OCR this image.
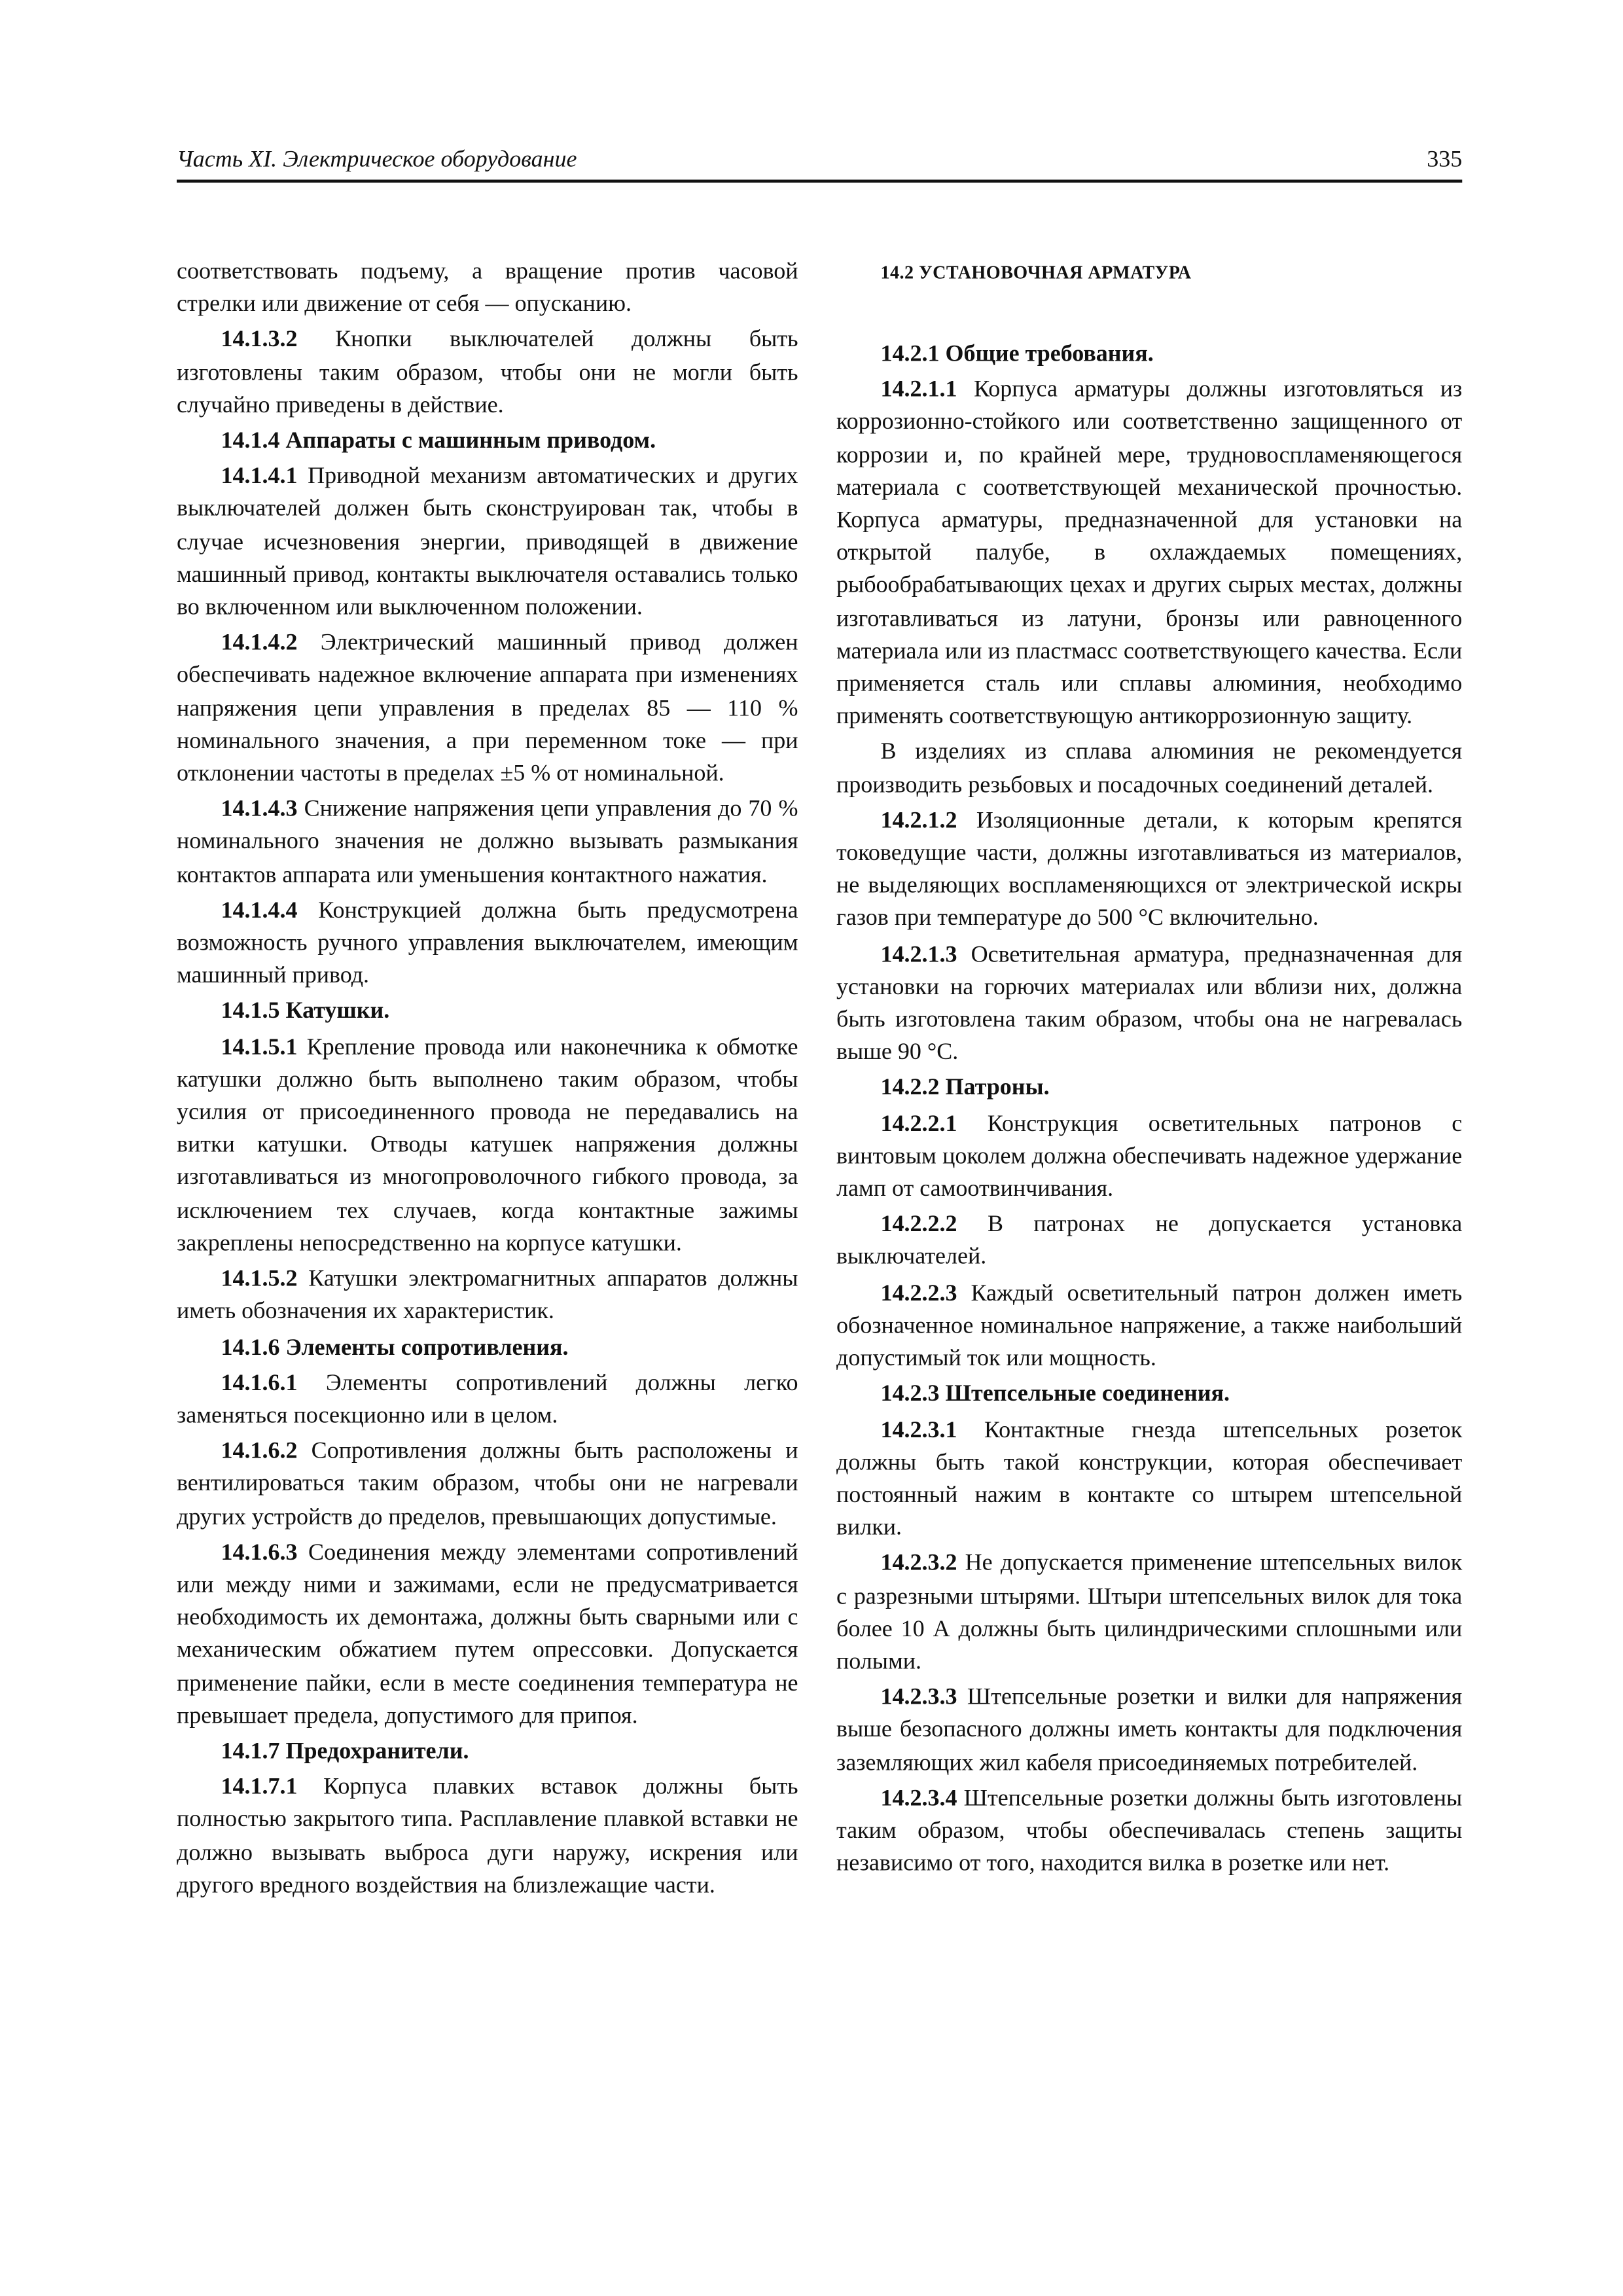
Часть XI. Электрическое оборудование	335

соответствовать подъему, а вращение против часовой стрелки или движение от себя — опусканию.

14.1.3.2 Кнопки выключателей должны быть изготовлены таким образом, чтобы они не могли быть случайно приведены в действие.

14.1.4 Аппараты с машинным приводом.

14.1.4.1 Приводной механизм автоматических и других выключателей должен быть сконструирован так, чтобы в случае исчезновения энергии, приводящей в движение машинный привод, контакты выключателя оставались только во включенном или выключенном положении.

14.1.4.2 Электрический машинный привод должен обеспечивать надежное включение аппарата при изменениях напряжения цепи управления в пределах 85 — 110 % номинального значения, а при переменном токе — при отклонении частоты в пределах ±5 % от номинальной.

14.1.4.3 Снижение напряжения цепи управления до 70 % номинального значения не должно вызывать размыкания контактов аппарата или уменьшения контактного нажатия.

14.1.4.4 Конструкцией должна быть предусмотрена возможность ручного управления выключателем, имеющим машинный привод.

14.1.5 Катушки.

14.1.5.1 Крепление провода или наконечника к обмотке катушки должно быть выполнено таким образом, чтобы усилия от присоединенного провода не передавались на витки катушки. Отводы катушек напряжения должны изготавливаться из многопроволочного гибкого провода, за исключением тех случаев, когда контактные зажимы закреплены непосредственно на корпусе катушки.

14.1.5.2 Катушки электромагнитных аппаратов должны иметь обозначения их характеристик.

14.1.6 Элементы сопротивления.

14.1.6.1 Элементы сопротивлений должны легко заменяться посекционно или в целом.

14.1.6.2 Сопротивления должны быть расположены и вентилироваться таким образом, чтобы они не нагревали других устройств до пределов, превышающих допустимые.

14.1.6.3 Соединения между элементами сопротивлений или между ними и зажимами, если не предусматривается необходимость их демонтажа, должны быть сварными или с механическим обжатием путем опрессовки. Допускается применение пайки, если в месте соединения температура не превышает предела, допустимого для припоя.

14.1.7 Предохранители.

14.1.7.1 Корпуса плавких вставок должны быть полностью закрытого типа. Расплавление плавкой вставки не должно вызывать выброса дуги наружу, искрения или другого вредного воздействия на близлежащие части.

14.2 УСТАНОВОЧНАЯ АРМАТУРА

14.2.1 Общие требования.

14.2.1.1 Корпуса арматуры должны изготовляться из коррозионно-стойкого или соответственно защищенного от коррозии и, по крайней мере, трудновоспламеняющегося материала с соответствующей механической прочностью. Корпуса арматуры, предназначенной для установки на открытой палубе, в охлаждаемых помещениях, рыбообрабатывающих цехах и других сырых местах, должны изготавливаться из латуни, бронзы или равноценного материала или из пластмасс соответствующего качества. Если применяется сталь или сплавы алюминия, необходимо применять соответствующую антикоррозионную защиту.

В изделиях из сплава алюминия не рекомендуется производить резьбовых и посадочных соединений деталей.

14.2.1.2 Изоляционные детали, к которым крепятся токоведущие части, должны изготавливаться из материалов, не выделяющих воспламеняющихся от электрической искры газов при температуре до 500 °С включительно.

14.2.1.3 Осветительная арматура, предназначенная для установки на горючих материалах или вблизи них, должна быть изготовлена таким образом, чтобы она не нагревалась выше 90 °С.

14.2.2 Патроны.

14.2.2.1 Конструкция осветительных патронов с винтовым цоколем должна обеспечивать надежное удержание ламп от самоотвинчивания.

14.2.2.2 В патронах не допускается установка выключателей.

14.2.2.3 Каждый осветительный патрон должен иметь обозначенное номинальное напряжение, а также наибольший допустимый ток или мощность.

14.2.3 Штепсельные соединения.

14.2.3.1 Контактные гнезда штепсельных розеток должны быть такой конструкции, которая обеспечивает постоянный нажим в контакте со штырем штепсельной вилки.

14.2.3.2 Не допускается применение штепсельных вилок с разрезными штырями. Штыри штепсельных вилок для тока более 10 А должны быть цилиндрическими сплошными или полыми.

14.2.3.3 Штепсельные розетки и вилки для напряжения выше безопасного должны иметь контакты для подключения заземляющих жил кабеля присоединяемых потребителей.

14.2.3.4 Штепсельные розетки должны быть изготовлены таким образом, чтобы обеспечивалась степень защиты независимо от того, находится вилка в розетке или нет.
